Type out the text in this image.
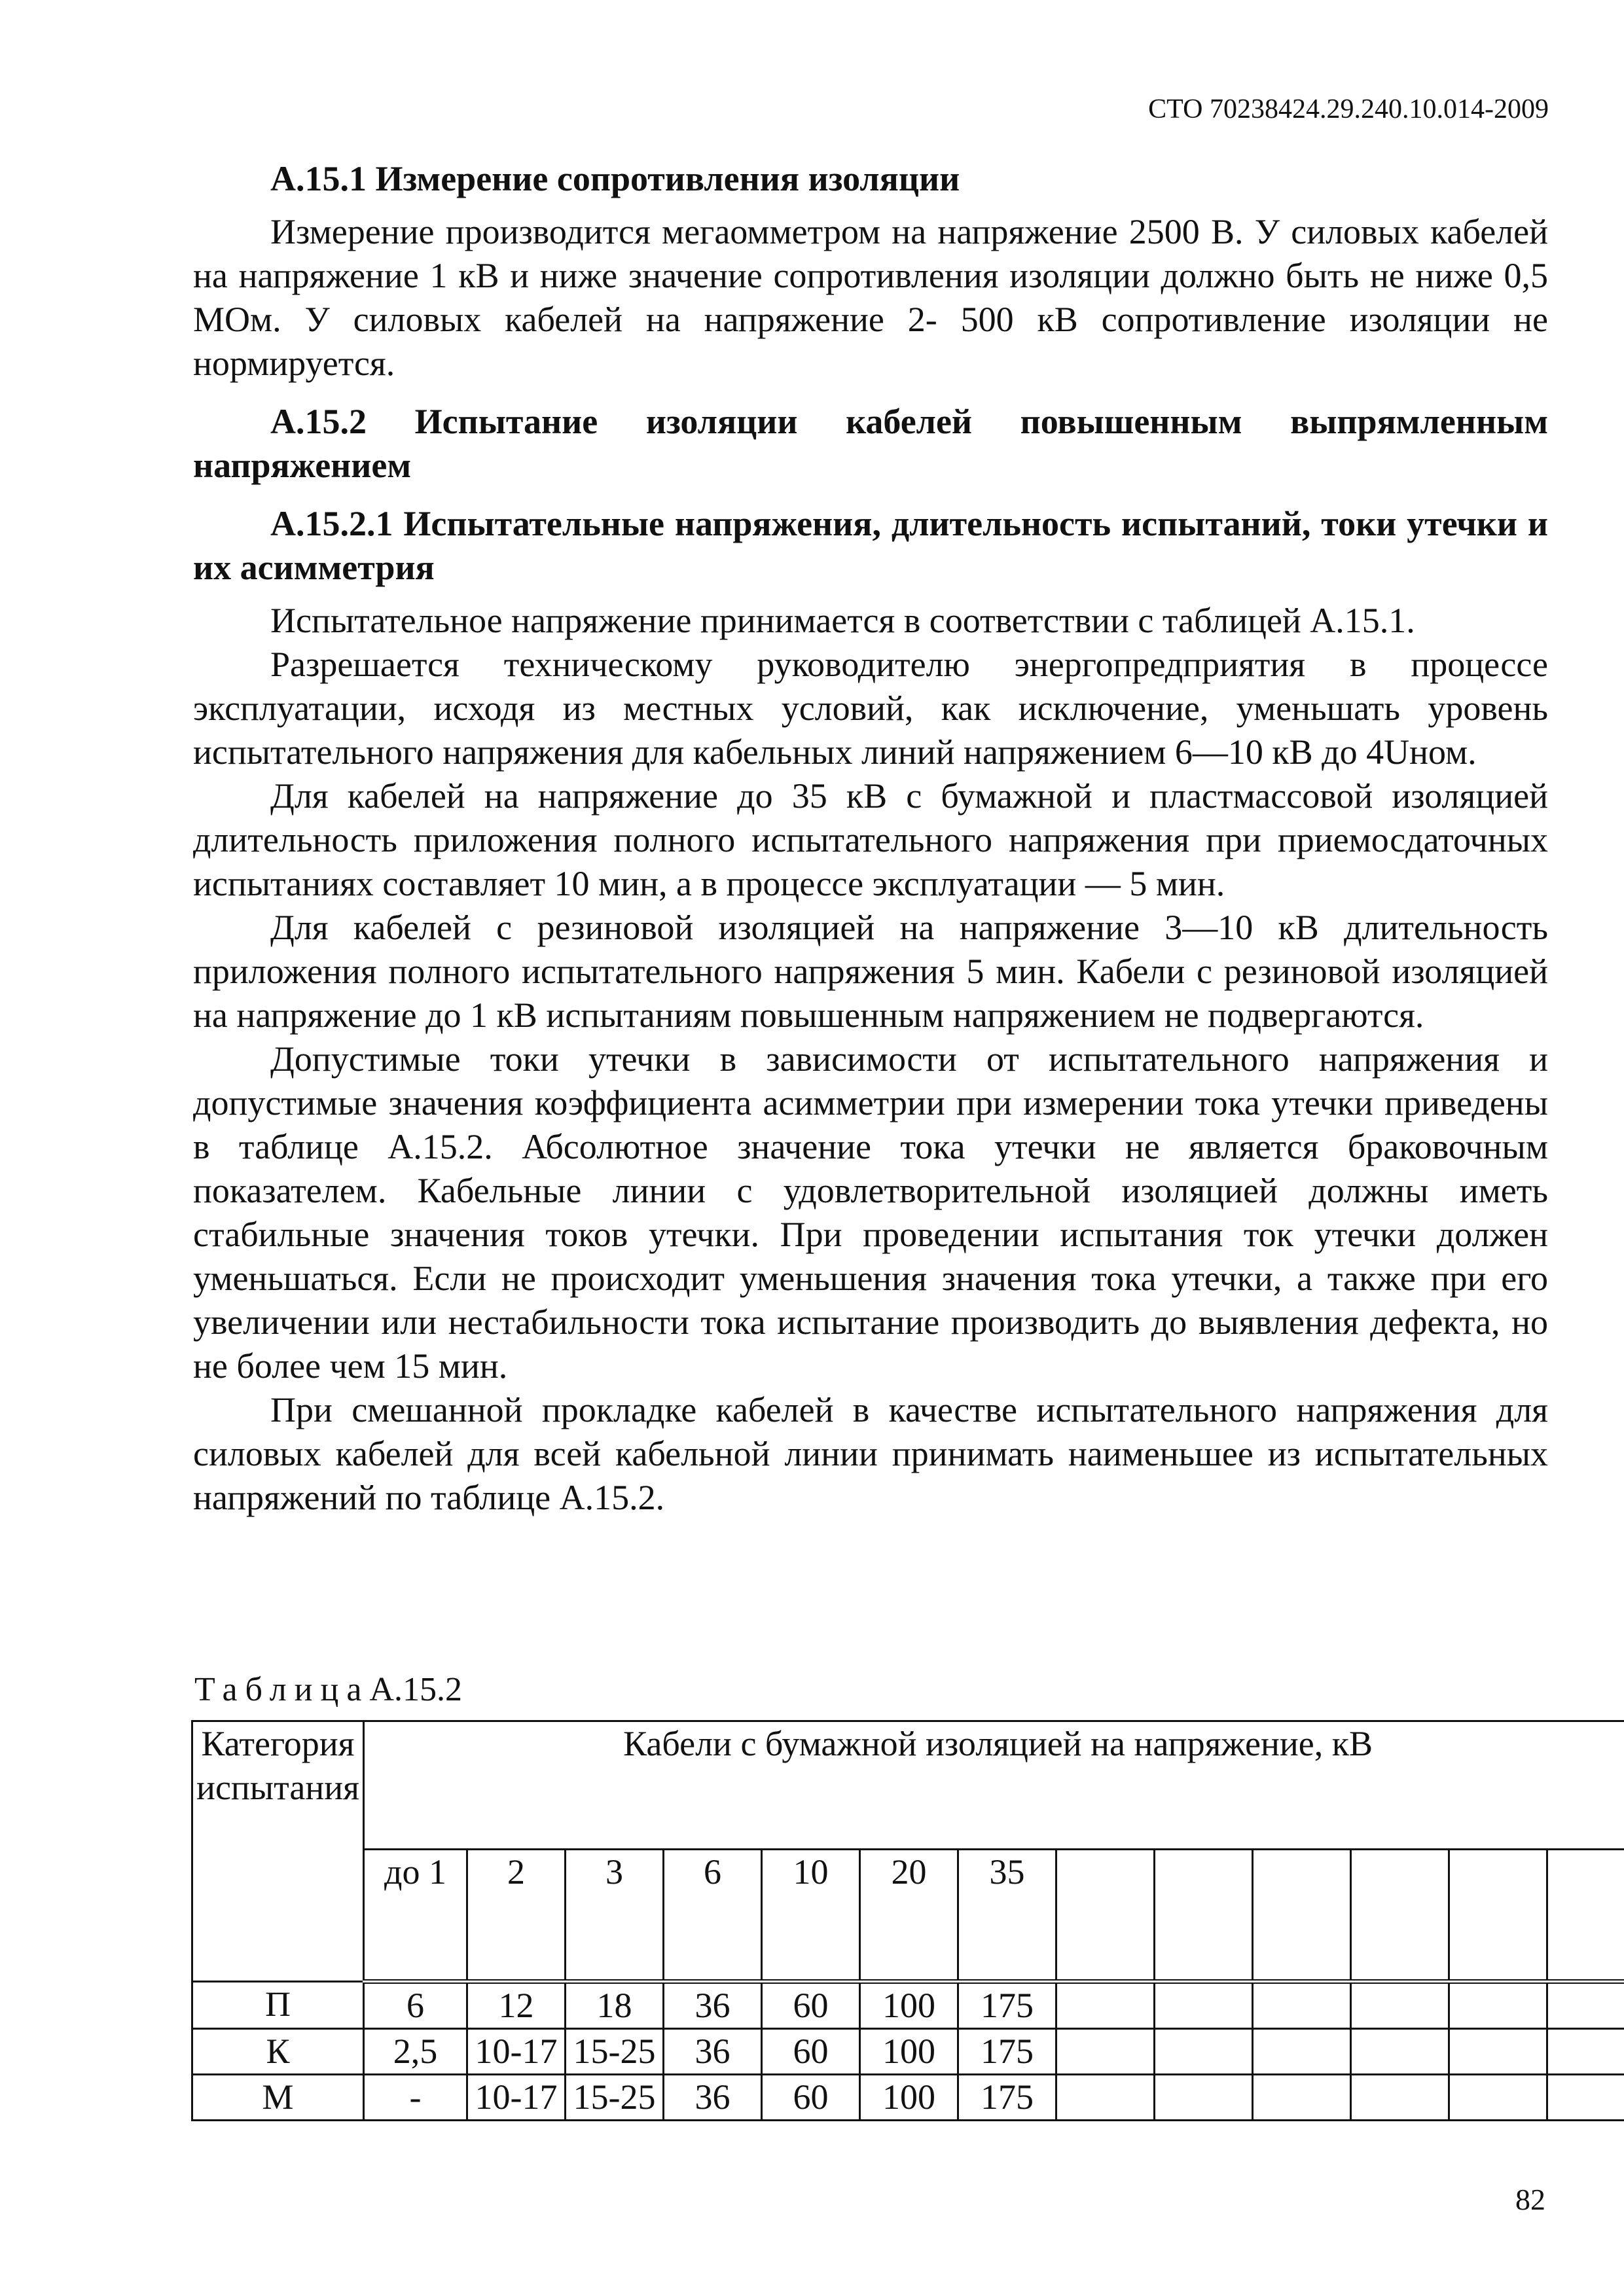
СТО 70238424.29.240.10.014-2009

А.15.1 Измерение сопротивления изоляции

Измерение производится мегаомметром на напряжение 2500 В. У силовых кабелей на напряжение 1 кВ и ниже значение сопротивления изоляции должно быть не ниже 0,5 МОм. У силовых кабелей на напряжение 2- 500 кВ сопротивление изоляции не нормируется.

А.15.2 Испытание изоляции кабелей повышенным выпрямленным напряжением

А.15.2.1 Испытательные напряжения, длительность испытаний, токи утечки и их асимметрия

Испытательное напряжение принимается в соответствии с таблицей А.15.1.

Разрешается техническому руководителю энергопредприятия в процессе эксплуатации, исходя из местных условий, как исключение, уменьшать уровень испытательного напряжения для кабельных линий напряжением 6—10 кВ до 4Uном.

Для кабелей на напряжение до 35 кВ с бумажной и пластмассовой изоляцией длительность приложения полного испытательного напряжения при приемосдаточных испытаниях составляет 10 мин, а в процессе эксплуатации — 5 мин.

Для кабелей с резиновой изоляцией на напряжение 3—10 кВ длительность приложения полного испытательного напряжения 5 мин. Кабели с резиновой изоляцией на напряжение до 1 кВ испытаниям повышенным напряжением не подвергаются.

Допустимые токи утечки в зависимости от испытательного напряжения и допустимые значения коэффициента асимметрии при измерении тока утечки приведены в таблице А.15.2. Абсолютное значение тока утечки не является браковочным показателем. Кабельные линии с удовлетворительной изоляцией должны иметь стабильные значения токов утечки. При проведении испытания ток утечки должен уменьшаться. Если не происходит уменьшения значения тока утечки, а также при его увеличении или нестабильности тока испытание производить до выявления дефекта, но не более чем 15 мин.

При смешанной прокладке кабелей в качестве испытательного напряжения для силовых кабелей для всей кабельной линии принимать наименьшее из испытательных напряжений по таблице А.15.2.

ТаблицаА.15.2
Категория испытания	Кабели с бумажной изоляцией на напряжение, кВ												
	до 1	2	3	6	10	20	35						
П	6	12	18	36	60	100	175						
К	2,5	10-17	15-25	36	60	100	175						
М	-	10-17	15-25	36	60	100	175						
82
